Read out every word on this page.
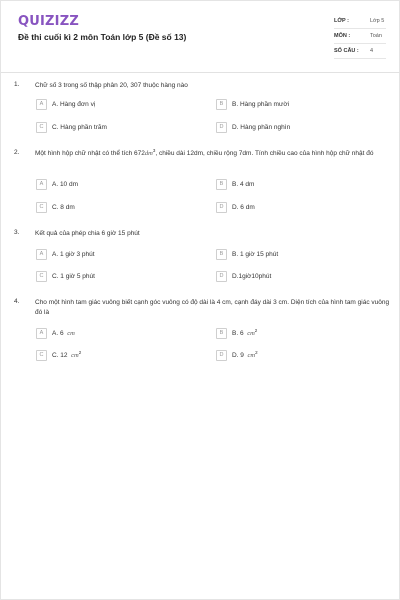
QUIZIZZ
Đề thi cuối kì 2 môn Toán lớp 5 (Đề số 13)
LỚP :	Lớp 5
MÔN :	Toán
SỐ CÂU : 4
1. Chữ số 3 trong số thập phân 20, 307 thuộc hàng nào
A	A. Hàng đơn vị	B	B. Hàng phần mười
C	C. Hàng phần trăm	D	D. Hàng phần nghìn
2. Một hình hộp chữ nhật có thể tích $672dm^3$, chiều dài 12dm, chiều rộng 7dm. Tính chiều cao của hình hộp chữ nhật đó
A	A. 10 dm	B	B. 4 dm
C	C. 8 dm	D	D. 6 dm
3. Kết quả của phép chia 6 giờ 15 phút
A	A. 1 giờ 3 phút	B	B. 1 giờ 15 phút
C	C. 1 giờ 5 phút	D	D.1giờ10phút
4. Cho một hình tam giác vuông biết cạnh góc vuông có độ dài là 4 cm, cạnh đáy dài 3 cm. Diện tích của hình tam giác vuông đó là
A	A. 6 cm	B	B. 6 $cm^2$
C	C. 12 $cm^2$	D	D. 9 $cm^2$
